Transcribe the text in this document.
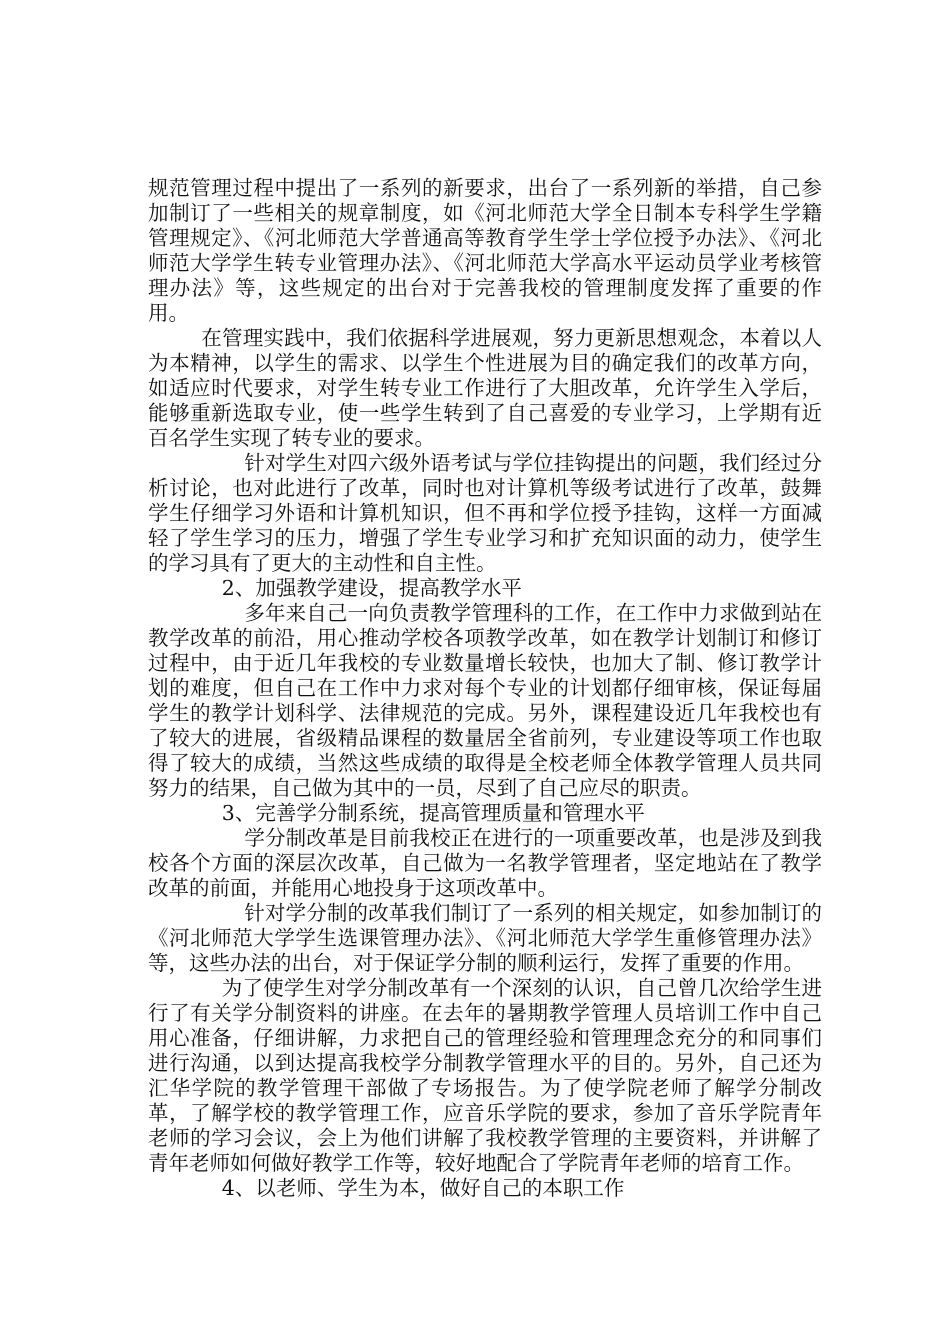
规范管理过程中提出了一系列的新要求，出台了一系列新的举措，自己参加制订了一些相关的规章制度，如《河北师范大学全日制本专科学生学籍管理规定》、《河北师范大学普通高等教育学生学士学位授予办法》、《河北师范大学学生转专业管理办法》、《河北师范大学高水平运动员学业考核管理办法》等，这些规定的出台对于完善我校的管理制度发挥了重要的作用。

在管理实践中，我们依据科学进展观，努力更新思想观念，本着以人为本精神，以学生的需求、以学生个性进展为目的确定我们的改革方向，如适应时代要求，对学生转专业工作进行了大胆改革，允许学生入学后，能够重新选取专业，使一些学生转到了自己喜爱的专业学习，上学期有近百名学生实现了转专业的要求。

针对学生对四六级外语考试与学位挂钩提出的问题，我们经过分析讨论，也对此进行了改革，同时也对计算机等级考试进行了改革，鼓舞学生仔细学习外语和计算机知识，但不再和学位授予挂钩，这样一方面减轻了学生学习的压力，增强了学生专业学习和扩充知识面的动力，使学生的学习具有了更大的主动性和自主性。

2、加强教学建设，提高教学水平

多年来自己一向负责教学管理科的工作，在工作中力求做到站在教学改革的前沿，用心推动学校各项教学改革，如在教学计划制订和修订过程中，由于近几年我校的专业数量增长较快，也加大了制、修订教学计划的难度，但自己在工作中力求对每个专业的计划都仔细审核，保证每届学生的教学计划科学、法律规范的完成。另外，课程建设近几年我校也有了较大的进展，省级精品课程的数量居全省前列，专业建设等项工作也取得了较大的成绩，当然这些成绩的取得是全校老师全体教学管理人员共同努力的结果，自己做为其中的一员，尽到了自己应尽的职责。

3、完善学分制系统，提高管理质量和管理水平

学分制改革是目前我校正在进行的一项重要改革，也是涉及到我校各个方面的深层次改革，自己做为一名教学管理者，坚定地站在了教学改革的前面，并能用心地投身于这项改革中。

针对学分制的改革我们制订了一系列的相关规定，如参加制订的《河北师范大学学生选课管理办法》、《河北师范大学学生重修管理办法》等，这些办法的出台，对于保证学分制的顺利运行，发挥了重要的作用。

为了使学生对学分制改革有一个深刻的认识，自己曾几次给学生进行了有关学分制资料的讲座。在去年的暑期教学管理人员培训工作中自己用心准备，仔细讲解，力求把自己的管理经验和管理理念充分的和同事们进行沟通，以到达提高我校学分制教学管理水平的目的。另外，自己还为汇华学院的教学管理干部做了专场报告。为了使学院老师了解学分制改革，了解学校的教学管理工作，应音乐学院的要求，参加了音乐学院青年老师的学习会议，会上为他们讲解了我校教学管理的主要资料，并讲解了青年老师如何做好教学工作等，较好地配合了学院青年老师的培育工作。

4、以老师、学生为本，做好自己的本职工作
